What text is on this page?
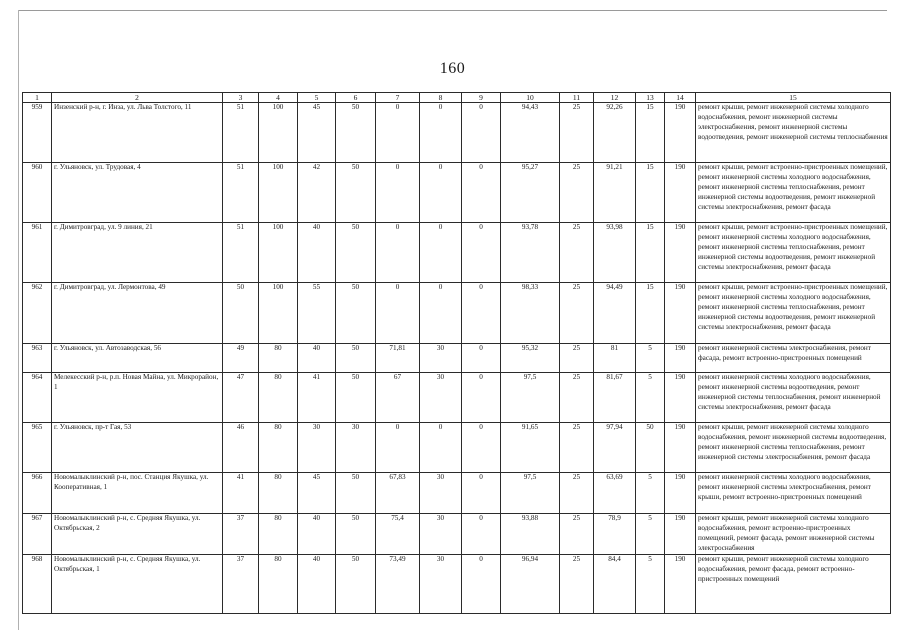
160
1	2	3	4	5	6	7	8	9	10	11	12	13	14	15
959	Инзенский р-н, г. Инза, ул. Льва Толстого, 11	51	100	45	50	0	0	0	94,43	25	92,26	15	190	ремонт крыши, ремонт инженерной системы холодного водоснабжения, ремонт инженерной системы электроснабжения, ремонт инженерной системы водоотведения, ремонт инженерной системы теплоснабжения
960	г. Ульяновск, ул. Трудовая, 4	51	100	42	50	0	0	0	95,27	25	91,21	15	190	ремонт крыши, ремонт встроенно-пристроенных помещений, ремонт инженерной системы холодного водоснабжения, ремонт инженерной системы теплоснабжения, ремонт инженерной системы водоотведения, ремонт инженерной системы электроснабжения, ремонт фасада
961	г. Димитровград, ул. 9 линия, 21	51	100	40	50	0	0	0	93,78	25	93,98	15	190	ремонт крыши, ремонт встроенно-пристроенных помещений, ремонт инженерной системы холодного водоснабжения, ремонт инженерной системы теплоснабжения, ремонт инженерной системы водоотведения, ремонт инженерной системы электроснабжения, ремонт фасада
962	г. Димитровград, ул. Лермонтова, 49	50	100	55	50	0	0	0	98,33	25	94,49	15	190	ремонт крыши, ремонт встроенно-пристроенных помещений, ремонт инженерной системы холодного водоснабжения, ремонт инженерной системы теплоснабжения, ремонт инженерной системы водоотведения, ремонт инженерной системы электроснабжения, ремонт фасада
963	г. Ульяновск, ул. Автозаводская, 56	49	80	40	50	71,81	30	0	95,32	25	81	5	190	ремонт инженерной системы электроснабжения, ремонт фасада, ремонт встроенно-пристроенных помещений
964	Мелекесский р-н, р.п. Новая Майна, ул. Микрорайон, 1	47	80	41	50	67	30	0	97,5	25	81,67	5	190	ремонт инженерной системы холодного водоснабжения, ремонт инженерной системы водоотведения, ремонт инженерной системы теплоснабжения, ремонт инженерной системы электроснабжения, ремонт фасада
965	г. Ульяновск, пр-т Гая, 53	46	80	30	30	0	0	0	91,65	25	97,94	50	190	ремонт крыши, ремонт инженерной системы холодного водоснабжения, ремонт инженерной системы водоотведения, ремонт инженерной системы теплоснабжения, ремонт инженерной системы электроснабжения, ремонт фасада
966	Новомалыклинский р-н, пос. Станция Якушка, ул. Кооперативная, 1	41	80	45	50	67,83	30	0	97,5	25	63,69	5	190	ремонт инженерной системы холодного водоснабжения, ремонт инженерной системы электроснабжения, ремонт крыши, ремонт встроенно-пристроенных помещений
967	Новомалыклинский р-н, с. Средняя Якушка, ул. Октябрьская, 2	37	80	40	50	75,4	30	0	93,88	25	78,9	5	190	ремонт крыши, ремонт инженерной системы холодного водоснабжения, ремонт встроенно-пристроенных помещений, ремонт фасада, ремонт инженерной системы электроснабжения
968	Новомалыклинский р-н, с. Средняя Якушка, ул. Октябрьская, 1	37	80	40	50	73,49	30	0	96,94	25	84,4	5	190	ремонт крыши, ремонт инженерной системы холодного водоснабжения, ремонт фасада, ремонт встроенно-пристроенных помещений
